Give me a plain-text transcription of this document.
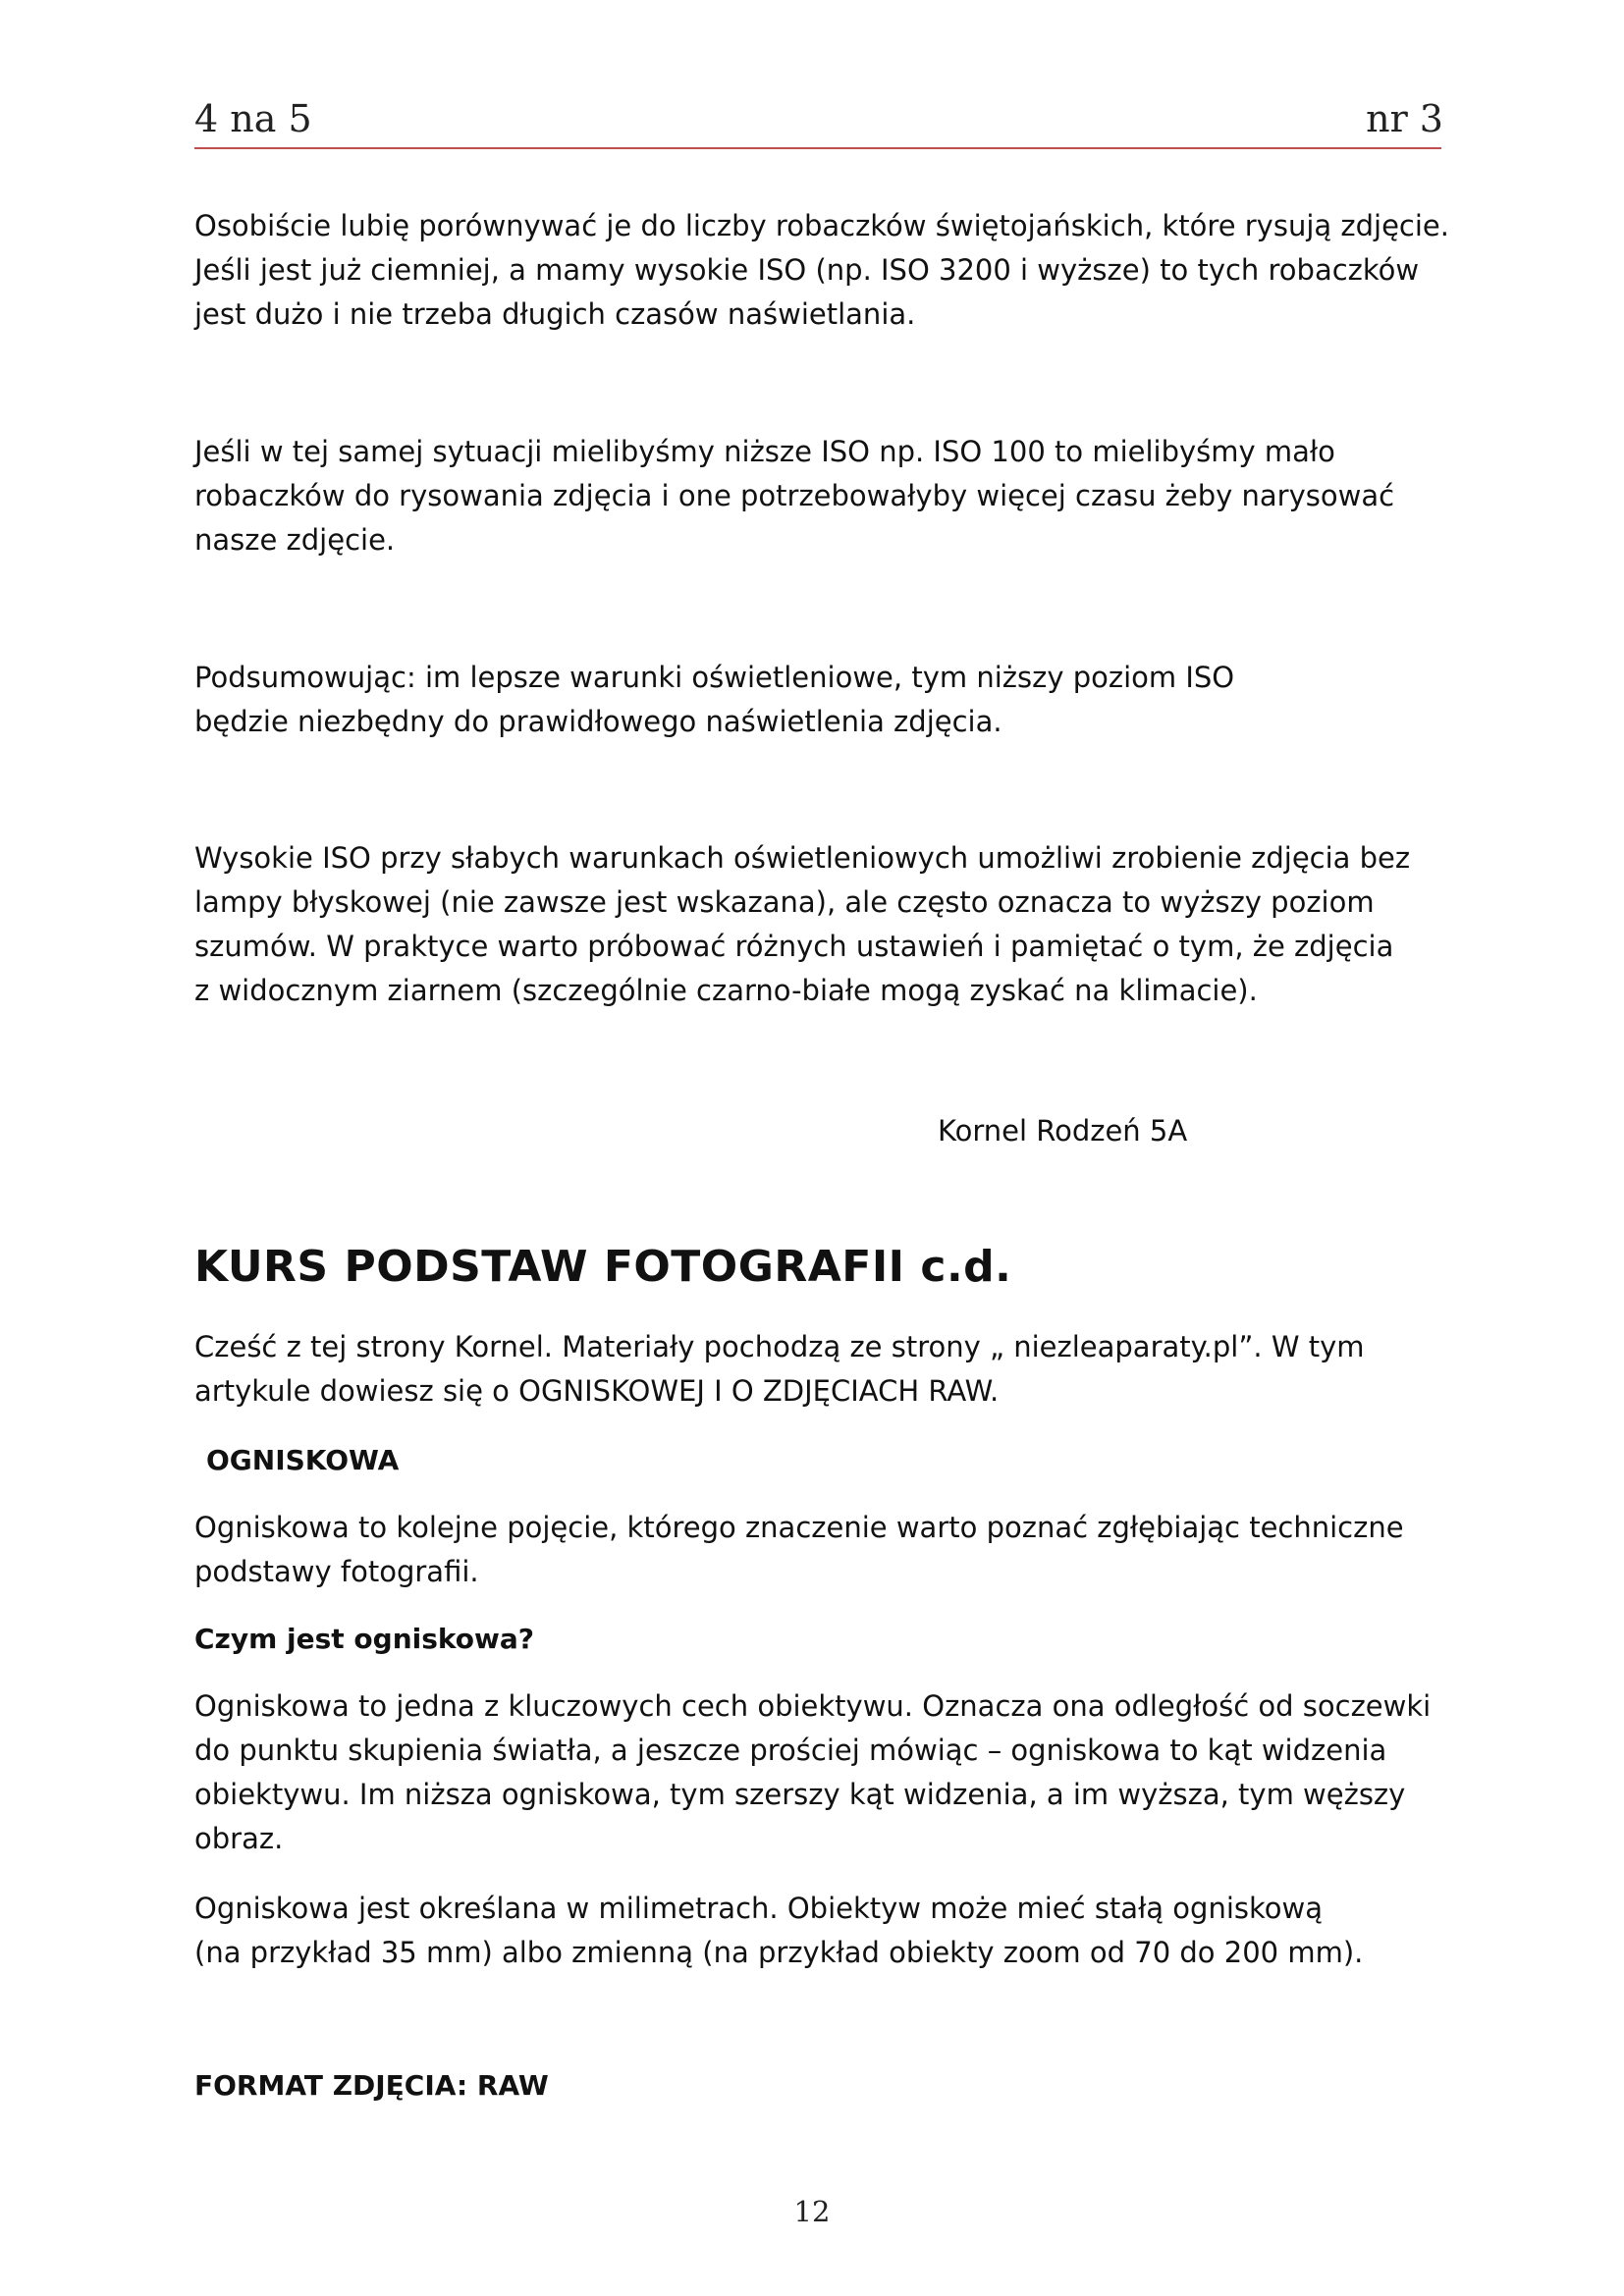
4 na 5	nr 3

Osobiście lubię porównywać je do liczby robaczków świętojańskich, które rysują zdjęcie. Jeśli jest już ciemniej, a mamy wysokie ISO (np. ISO 3200 i wyższe) to tych robaczków jest dużo i nie trzeba długich czasów naświetlania.

Jeśli w tej samej sytuacji mielibyśmy niższe ISO np. ISO 100 to mielibyśmy mało robaczków do rysowania zdjęcia i one potrzebowałyby więcej czasu żeby narysować nasze zdjęcie.

Podsumowując: im lepsze warunki oświetleniowe, tym niższy poziom ISO będzie niezbędny do prawidłowego naświetlenia zdjęcia.

Wysokie ISO przy słabych warunkach oświetleniowych umożliwi zrobienie zdjęcia bez lampy błyskowej (nie zawsze jest wskazana), ale często oznacza to wyższy poziom szumów. W praktyce warto próbować różnych ustawień i pamiętać o tym, że zdjęcia z widocznym ziarnem (szczególnie czarno-białe mogą zyskać na klimacie).

Kornel Rodzeń 5A
KURS PODSTAW FOTOGRAFII c.d.

Cześć z tej strony Kornel. Materiały pochodzą ze strony „ niezleaparaty.pl”. W tym artykule dowiesz się o OGNISKOWEJ I O ZDJĘCIACH RAW.

OGNISKOWA

Ogniskowa to kolejne pojęcie, którego znaczenie warto poznać zgłębiając techniczne podstawy fotografii.

Czym jest ogniskowa?

Ogniskowa to jedna z kluczowych cech obiektywu. Oznacza ona odległość od soczewki do punktu skupienia światła, a jeszcze prościej mówiąc – ogniskowa to kąt widzenia obiektywu. Im niższa ogniskowa, tym szerszy kąt widzenia, a im wyższa, tym węższy obraz.

Ogniskowa jest określana w milimetrach. Obiektyw może mieć stałą ogniskową (na przykład 35 mm) albo zmienną (na przykład obiekty zoom od 70 do 200 mm).

FORMAT ZDJĘCIA: RAW
12
